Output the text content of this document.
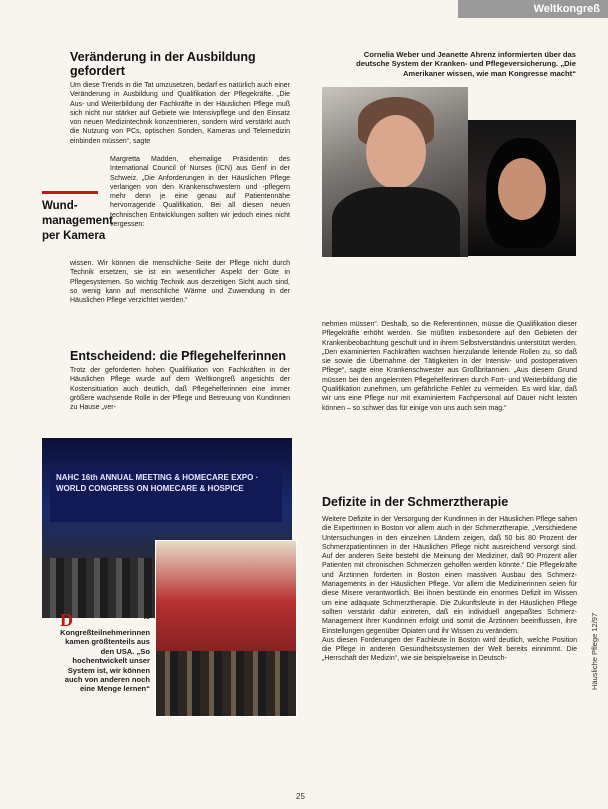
Weltkongreß
Veränderung in der Ausbildung gefordert
Um diese Trends in die Tat umzusetzen, bedarf es natürlich auch einer Veränderung in Ausbildung und Qualifikation der Pflegekräfte. „Die Aus- und Weiterbildung der Fachkräfte in der Häuslichen Pflege muß sich nicht nur stärker auf Gebiete wie Intensivpflege und den Einsatz von neuen Medizintechnik konzentrieren, sondern wird verstärkt auch die Nutzung von PCs, optischen Sonden, Kameras und Telemedizin einbinden müssen“, sagte
Margretta Madden, ehemalige Präsidentin des International Council of Nurses (ICN) aus Genf in der Schweiz. „Die Anforderungen in der Häuslichen Pflege verlangen von den Krankenschwestern und -pflegern mehr denn je eine genau auf Patientennähe hervorragende Qualifikation. Bei all diesen neuen technischen Entwicklungen sollten wir jedoch eines nicht vergessen:
wissen. Wir können die menschliche Seite der Pflege nicht durch Technik ersetzen, sie ist ein wesentlicher Aspekt der Güte in Pflegesystemen. So wichtig Technik aus derzeitigen Sicht auch sind, so wenig kann auf menschliche Wärme und Zuwendung in der Häuslichen Pflege verzichtet werden.“
Wund-
management
per Kamera
Entscheidend: die Pflegehelferinnen
Trotz der geforderten hohen Qualifikation von Fachkräften in der Häuslichen Pflege wurde auf dem Weltkongreß angesichts der Kostensituation auch deutlich, daß Pflegehelferinnen eine immer größere wachsende Rolle in der Pflege und Betreuung von Kundinnen zu Hause „ver-
Cornelia Weber und Jeanette Ahrenz informierten über das deutsche System der Kranken- und Pflegeversicherung. „Die Amerikaner wissen, wie man Kongresse macht“
nehmen müssen“. Deshalb, so die Referentinnen, müsse die Qualifikation dieser Pflegekräfte erhöht werden. Sie müßten insbesondere auf den Gebieten der Krankenbeobachtung geschult und in ihrem Selbstverständnis unterstützt werden. „Den examinierten Fachkräften wachsen hierzulande leitende Rollen zu, so daß sie sowie die Übernahme der Tätigkeiten in der Intensiv- und postoperativen Pflege“, sagte eine Krankenschwester aus Großbritannien. „Aus diesem Grund müssen bei den angelernten Pflegehelferinnen durch Fort- und Weiterbildung die Qualifikation zunehmen, um gefährliche Fehler zu vermeiden. Es wird klar, daß wir uns eine Pflege nur mit examiniertem Fachpersonal auf Dauer nicht leisten können – so schwer das für einige von uns auch sein mag.“
Defizite in der Schmerztherapie
Weitere Defizite in der Versorgung der Kundinnen in der Häuslichen Pflege sahen die Expertinnen in Boston vor allem auch in der Schmerztherapie. „Verschiedene Untersuchungen in den einzelnen Ländern zeigen, daß 50 bis 80 Prozent der Schmerzpatientinnen in der Häuslichen Pflege nicht ausreichend versorgt sind. Auf der anderen Seite besteht die Meinung der Mediziner, daß 90 Prozent aller Patienten mit chronischen Schmerzen geholfen werden könnte.“ Die Pflegekräfte und Ärztinnen forderten in Boston einen massiven Ausbau des Schmerz-Managements in der Häuslichen Pflege. Vor allem die Medizinerinnen seien für diese Misere verantwortlich. Bei ihnen bestünde ein enormes Defizit im Wissen um eine adäquate Schmerztherapie. Die Zukunftsleute in der Häuslichen Pflege sollten verstärkt dafür eintreten, daß ein individuell angepaßtes Schmerz-Management ihrer Kundinnen erfolgt und somit die Ärztinnen beeinflussen, ihre Einstellungen gegenüber Opiaten und ihr Wissen zu verändern.
Aus diesen Forderungen der Fachleute in Boston wird deutlich, welche Position die Pflege in anderen Gesundheitssystemen der Welt bereits einnimmt. Die „Herrschaft der Medizin“, wie sie beispielsweise in Deutsch-
NAHC 16th ANNUAL MEETING & HOMECARE EXPO · WORLD CONGRESS ON HOMECARE & HOSPICE
D	ie Kongreßteilnehmerinnen kamen größtenteils aus den USA. „So hochentwickelt unser System ist, wir können auch von anderen noch eine Menge lernen“	Häusliche Pflege 12/97
25
